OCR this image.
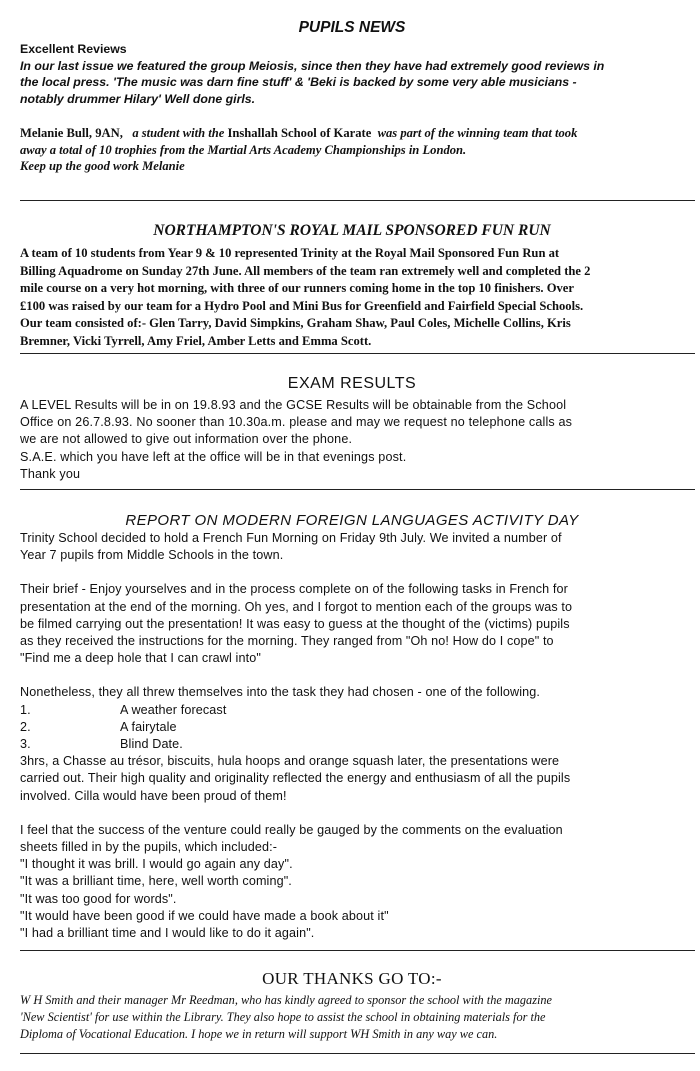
PUPILS NEWS
Excellent Reviews
In our last issue we featured the group Meiosis, since then they have had extremely good reviews in
the local press. 'The music was darn fine stuff' & 'Beki is backed by some very able musicians -
notably drummer Hilary' Well done girls.
Melanie Bull, 9AN, a student with the Inshallah School of Karate was part of the winning team that took
away a total of 10 trophies from the Martial Arts Academy Championships in London.
Keep up the good work Melanie
NORTHAMPTON'S ROYAL MAIL SPONSORED FUN RUN
A team of 10 students from Year 9 & 10 represented Trinity at the Royal Mail Sponsored Fun Run at
Billing Aquadrome on Sunday 27th June. All members of the team ran extremely well and completed the 2
mile course on a very hot morning, with three of our runners coming home in the top 10 finishers. Over
£100 was raised by our team for a Hydro Pool and Mini Bus for Greenfield and Fairfield Special Schools.
Our team consisted of:- Glen Tarry, David Simpkins, Graham Shaw, Paul Coles, Michelle Collins, Kris
Bremner, Vicki Tyrrell, Amy Friel, Amber Letts and Emma Scott.
EXAM RESULTS
A LEVEL Results will be in on 19.8.93 and the GCSE Results will be obtainable from the School
Office on 26.7.8.93. No sooner than 10.30a.m. please and may we request no telephone calls as
we are not allowed to give out information over the phone.
S.A.E. which you have left at the office will be in that evenings post.
Thank you
REPORT ON MODERN FOREIGN LANGUAGES ACTIVITY DAY
Trinity School decided to hold a French Fun Morning on Friday 9th July. We invited a number of
Year 7 pupils from Middle Schools in the town.
Their brief - Enjoy yourselves and in the process complete on of the following tasks in French for
presentation at the end of the morning. Oh yes, and I forgot to mention each of the groups was to
be filmed carrying out the presentation! It was easy to guess at the thought of the (victims) pupils
as they received the instructions for the morning. They ranged from "Oh no! How do I cope" to
"Find me a deep hole that I can crawl into"
Nonetheless, they all threw themselves into the task they had chosen - one of the following.
1.	A weather forecast
2.	A fairytale
3.	Blind Date.
3hrs, a Chasse au trésor, biscuits, hula hoops and orange squash later, the presentations were
carried out. Their high quality and originality reflected the energy and enthusiasm of all the pupils
involved. Cilla would have been proud of them!
I feel that the success of the venture could really be gauged by the comments on the evaluation
sheets filled in by the pupils, which included:-
"I thought it was brill. I would go again any day".
"It was a brilliant time, here, well worth coming".
"It was too good for words".
"It would have been good if we could have made a book about it"
"I had a brilliant time and I would like to do it again".
OUR THANKS GO TO:-
W H Smith and their manager Mr Reedman, who has kindly agreed to sponsor the school with the magazine
'New Scientist' for use within the Library. They also hope to assist the school in obtaining materials for the
Diploma of Vocational Education. I hope we in return will support WH Smith in any way we can.
